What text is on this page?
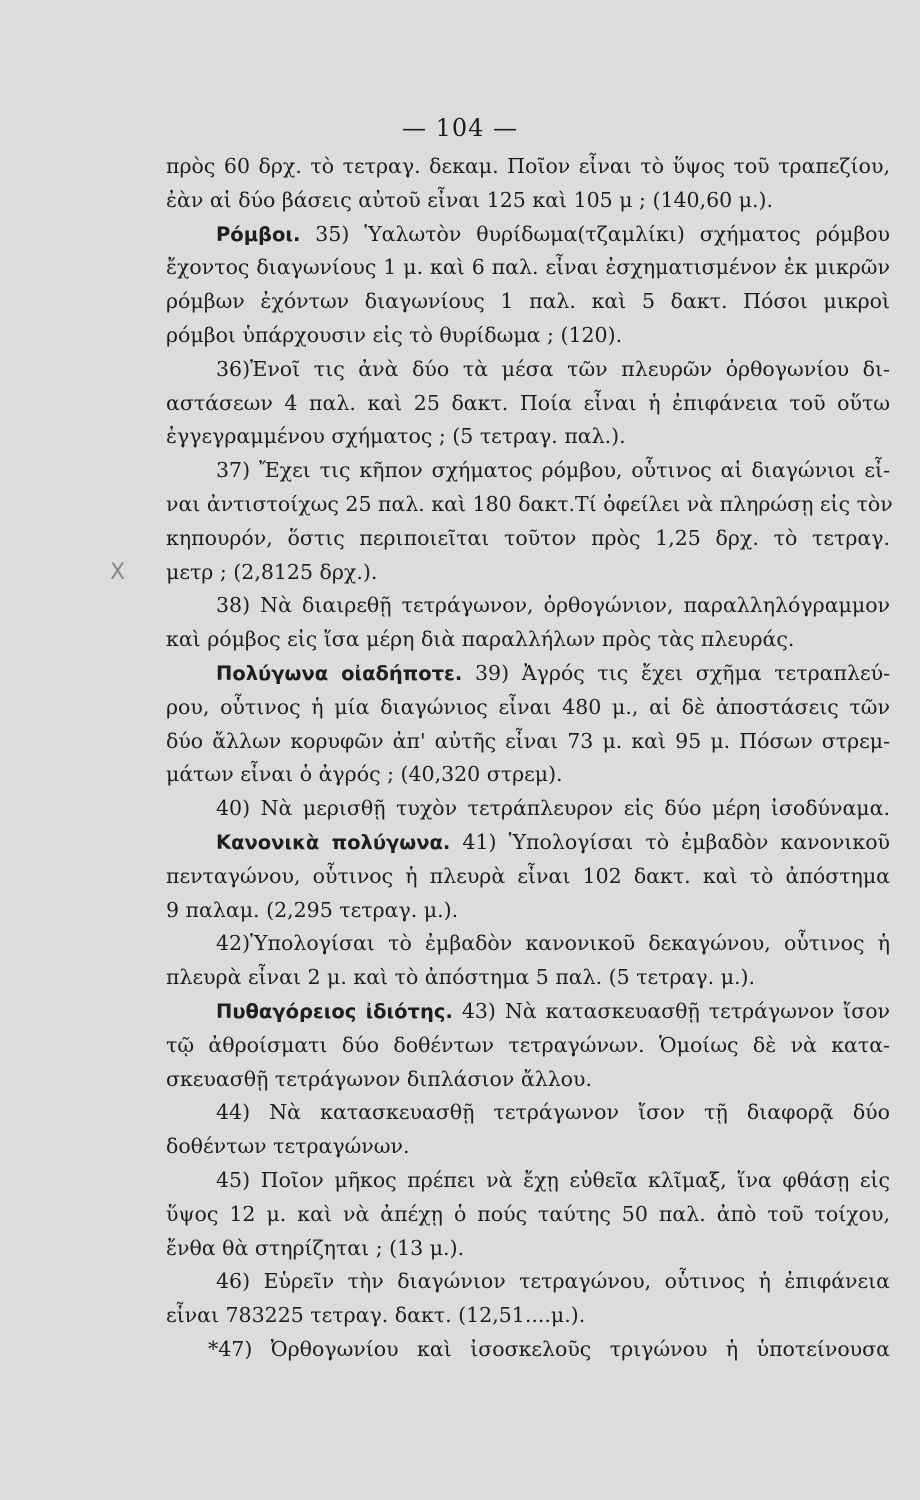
— 104 —
πρὸς 60 δρχ. τὸ τετραγ. δεκαμ. Ποῖον εἶναι τὸ ὕψος τοῦ τραπεζίου,
ἐὰν αἱ δύο βάσεις αὐτοῦ εἶναι 125 καὶ 105 μ ; (140,60 μ.).
Ρόμβοι. 35) Ὑαλωτὸν θυρίδωμα(τζαμλίκι) σχήματος ρόμβου
ἔχοντος διαγωνίους 1 μ. καὶ 6 παλ. εἶναι ἐσχηματισμένον ἐκ μικρῶν
ρόμβων ἐχόντων διαγωνίους 1 παλ. καὶ 5 δακτ. Πόσοι μικροὶ
ρόμβοι ὑπάρχουσιν εἰς τὸ θυρίδωμα ; (120).
36)Ἑνοῖ τις ἀνὰ δύο τὰ μέσα τῶν πλευρῶν ὀρθογωνίου δι-
αστάσεων 4 παλ. καὶ 25 δακτ. Ποία εἶναι ἡ ἐπιφάνεια τοῦ οὕτω
ἐγγεγραμμένου σχήματος ; (5 τετραγ. παλ.).
37) Ἔχει τις κῆπον σχήματος ρόμβου, οὗτινος αἱ διαγώνιοι εἶ-
ναι ἀντιστοίχως 25 παλ. καὶ 180 δακτ.Τί ὀφείλει νὰ πληρώσῃ εἰς τὸν
κηπουρόν, ὅστις περιποιεῖται τοῦτον πρὸς 1,25 δρχ. τὸ τετραγ.
X μετρ ; (2,8125 δρχ.).
38) Νὰ διαιρεθῇ τετράγωνον, ὀρθογώνιον, παραλληλόγραμμον
καὶ ρόμβος εἰς ἴσα μέρη διὰ παραλλήλων πρὸς τὰς πλευράς.
Πολύγωνα οἰαδήποτε. 39) Ἀγρός τις ἔχει σχῆμα τετραπλεύ-
ρου, οὗτινος ἡ μία διαγώνιος εἶναι 480 μ., αἱ δὲ ἀποστάσεις τῶν
δύο ἄλλων κορυφῶν ἀπ' αὐτῆς εἶναι 73 μ. καὶ 95 μ. Πόσων στρεμ-
μάτων εἶναι ὁ ἀγρός ; (40,320 στρεμ).
40) Νὰ μερισθῇ τυχὸν τετράπλευρον εἰς δύο μέρη ἰσοδύναμα.
Κανονικὰ πολύγωνα. 41) Ὑπολογίσαι τὸ ἐμβαδὸν κανονικοῦ
πενταγώνου, οὗτινος ἡ πλευρὰ εἶναι 102 δακτ. καὶ τὸ ἀπόστημα
9 παλαμ. (2,295 τετραγ. μ.).
42)Ὑπολογίσαι τὸ ἐμβαδὸν κανονικοῦ δεκαγώνου, οὗτινος ἡ
πλευρὰ εἶναι 2 μ. καὶ τὸ ἀπόστημα 5 παλ. (5 τετραγ. μ.).
Πυθαγόρειος ἰδιότης. 43) Νὰ κατασκευασθῇ τετράγωνον ἴσον
τῷ ἀθροίσματι δύο δοθέντων τετραγώνων. Ὁμοίως δὲ νὰ κατα-
σκευασθῇ τετράγωνον διπλάσιον ἄλλου.
44) Νὰ κατασκευασθῇ τετράγωνον ἴσον τῇ διαφορᾷ δύο
δοθέντων τετραγώνων.
45) Ποῖον μῆκος πρέπει νὰ ἔχῃ εὐθεῖα κλῖμαξ, ἵνα φθάσῃ εἰς
ὕψος 12 μ. καὶ νὰ ἀπέχῃ ὁ πούς ταύτης 50 παλ. ἀπὸ τοῦ τοίχου,
ἔνθα θὰ στηρίζηται ; (13 μ.).
46) Εὑρεῖν τὴν διαγώνιον τετραγώνου, οὗτινος ἡ ἐπιφάνεια
εἶναι 783225 τετραγ. δακτ. (12,51....μ.).
*47) Ὀρθογωνίου καὶ ἰσοσκελοῦς τριγώνου ἡ ὑποτείνουσα
